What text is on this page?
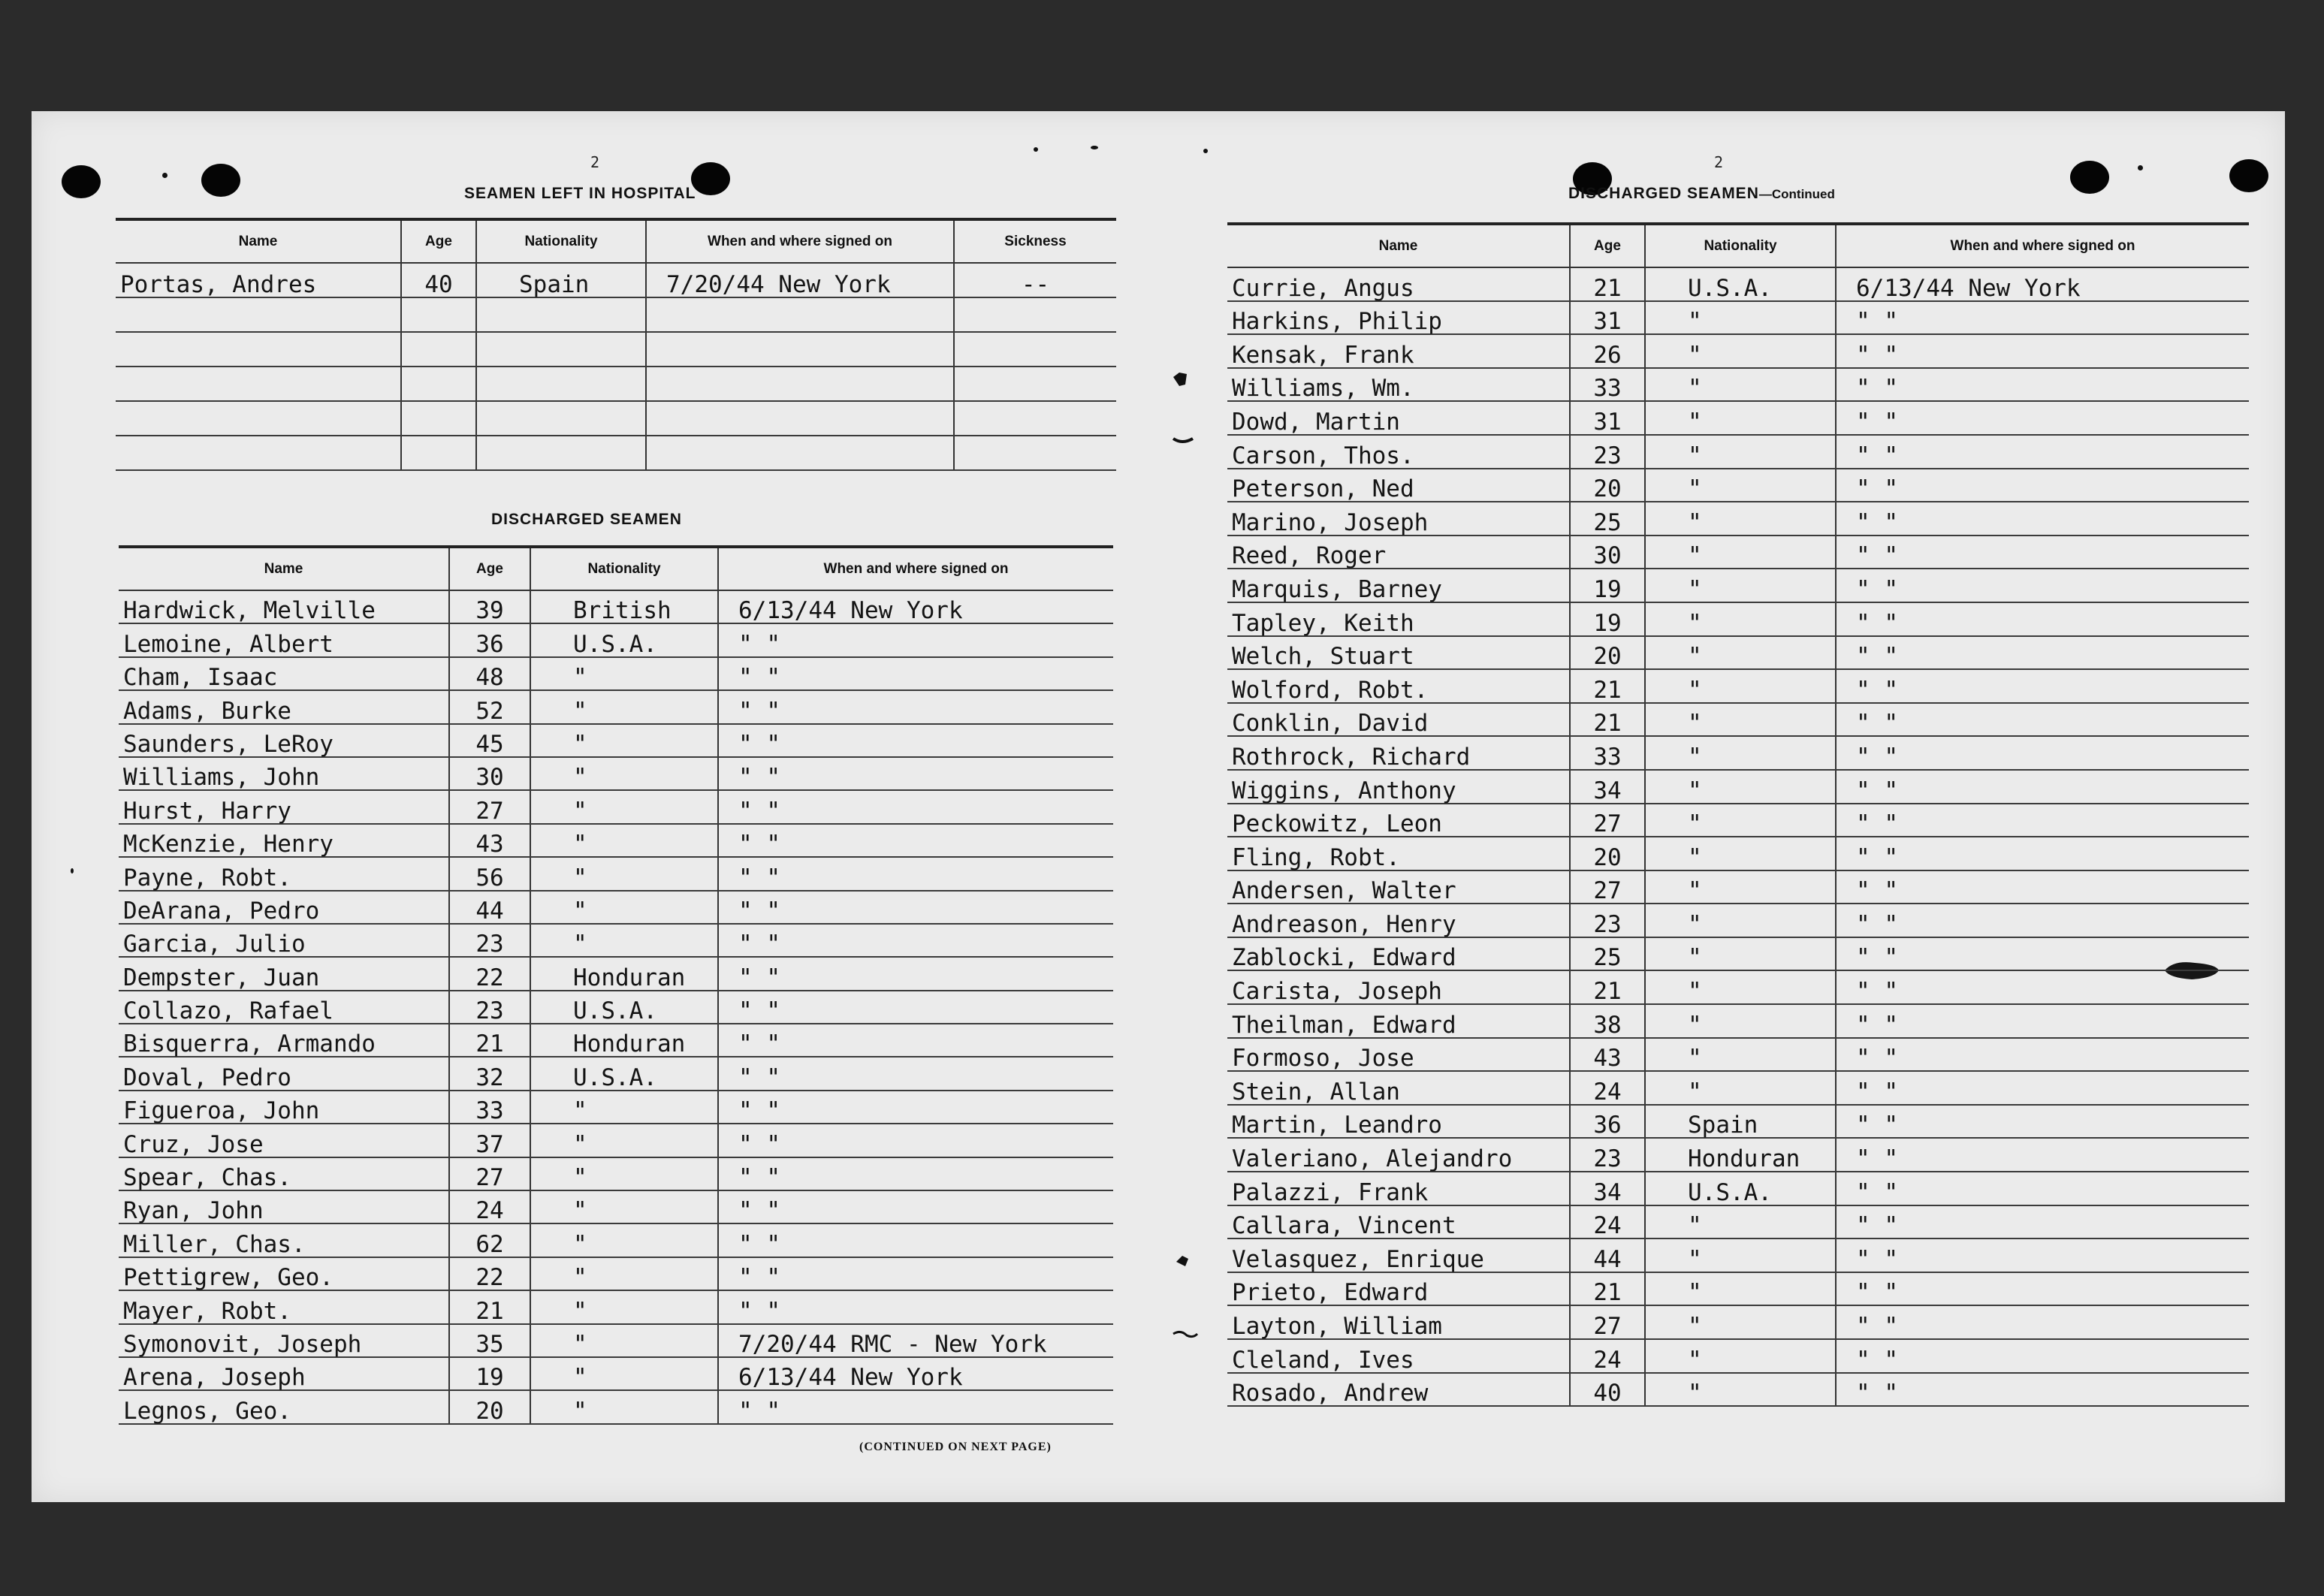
2	2
SEAMEN LEFT IN HOSPITAL
Name	Age	Nationality	When and where signed on	Sickness
Portas, Andres	40	Spain	7/20/44 New York	--

DISCHARGED SEAMEN
Name	Age	Nationality	When and where signed on
Hardwick, Melville	39	British	6/13/44 New York
Lemoine, Albert	36	U.S.A.	" "
Cham, Isaac	48	"	" "
Adams, Burke	52	"	" "
Saunders, LeRoy	45	"	" "
Williams, John	30	"	" "
Hurst, Harry	27	"	" "
McKenzie, Henry	43	"	" "
Payne, Robt.	56	"	" "
DeArana, Pedro	44	"	" "
Garcia, Julio	23	"	" "
Dempster, Juan	22	Honduran	" "
Collazo, Rafael	23	U.S.A.	" "
Bisquerra, Armando	21	Honduran	" "
Doval, Pedro	32	U.S.A.	" "
Figueroa, John	33	"	" "
Cruz, Jose	37	"	" "
Spear, Chas.	27	"	" "
Ryan, John	24	"	" "
Miller, Chas.	62	"	" "
Pettigrew, Geo.	22	"	" "
Mayer, Robt.	21	"	" "
Symonovit, Joseph	35	"	7/20/44 RMC - New York
Arena, Joseph	19	"	6/13/44 New York
Legnos, Geo.	20	"	" "
(CONTINUED ON NEXT PAGE)
DISCHARGED SEAMEN—Continued
Name	Age	Nationality	When and where signed on
Currie, Angus	21	U.S.A.	6/13/44 New York
Harkins, Philip	31	"	" "
Kensak, Frank	26	"	" "
Williams, Wm.	33	"	" "
Dowd, Martin	31	"	" "
Carson, Thos.	23	"	" "
Peterson, Ned	20	"	" "
Marino, Joseph	25	"	" "
Reed, Roger	30	"	" "
Marquis, Barney	19	"	" "
Tapley, Keith	19	"	" "
Welch, Stuart	20	"	" "
Wolford, Robt.	21	"	" "
Conklin, David	21	"	" "
Rothrock, Richard	33	"	" "
Wiggins, Anthony	34	"	" "
Peckowitz, Leon	27	"	" "
Fling, Robt.	20	"	" "
Andersen, Walter	27	"	" "
Andreason, Henry	23	"	" "
Zablocki, Edward	25	"	" "
Carista, Joseph	21	"	" "
Theilman, Edward	38	"	" "
Formoso, Jose	43	"	" "
Stein, Allan	24	"	" "
Martin, Leandro	36	Spain	" "
Valeriano, Alejandro	23	Honduran	" "
Palazzi, Frank	34	U.S.A.	" "
Callara, Vincent	24	"	" "
Velasquez, Enrique	44	"	" "
Prieto, Edward	21	"	" "
Layton, William	27	"	" "
Cleland, Ives	24	"	" "
Rosado, Andrew	40	"	" "
